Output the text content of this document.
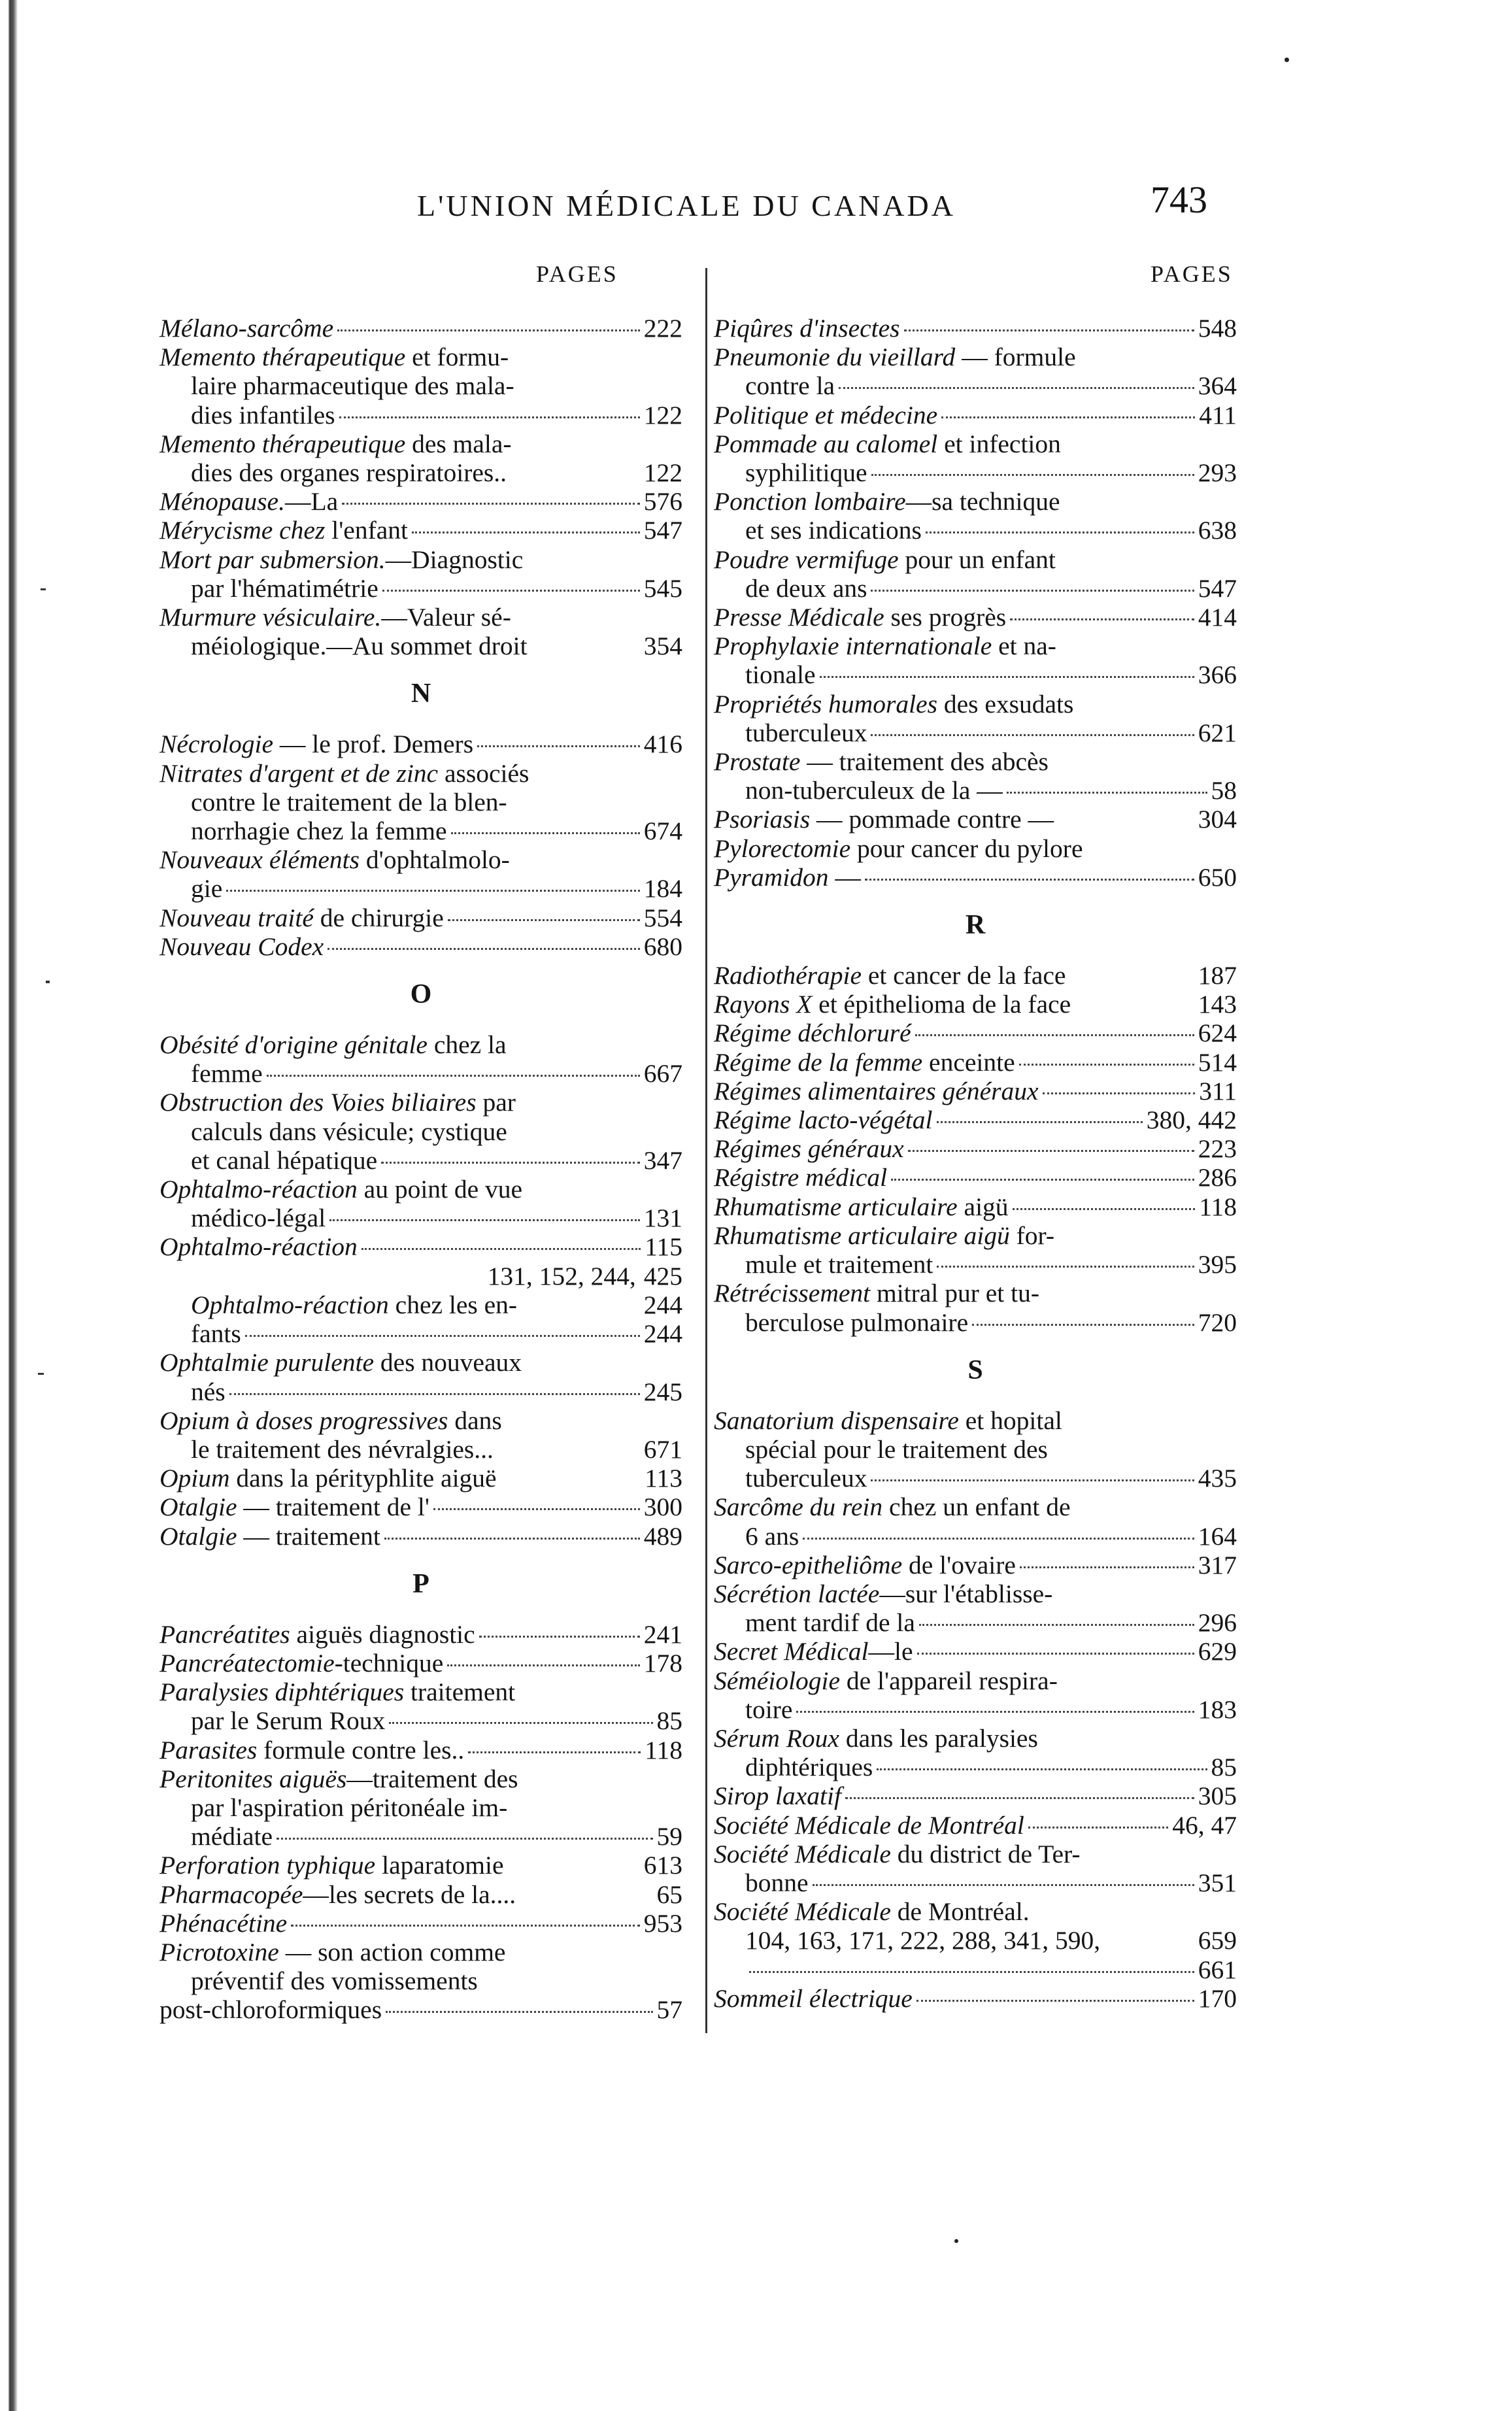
L'UNION MÉDICALE DU CANADA	743
PAGES	PAGES
Mélano-sarcôme	222
Memento thérapeutique et formu-
laire pharmaceutique des mala-
dies infantiles	122
Memento thérapeutique des mala-
dies des organes respiratoires..	122
Ménopause.—La	576
Mérycisme chez l'enfant	547
Mort par submersion.—Diagnostic
par l'hématimétrie	545
Murmure vésiculaire.—Valeur sé-
méiologique.—Au sommet droit	354
N
Nécrologie — le prof. Demers	416
Nitrates d'argent et de zinc associés
contre le traitement de la blen-
norrhagie chez la femme	674
Nouveaux éléments d'ophtalmolo-
gie	184
Nouveau traité de chirurgie	554
Nouveau Codex	680
O
Obésité d'origine génitale chez la
femme	667
Obstruction des Voies biliaires par
calculs dans vésicule; cystique
et canal hépatique	347
Ophtalmo-réaction au point de vue
médico-légal	131
Ophtalmo-réaction	115
131, 152, 244, 425
Ophtalmo-réaction chez les en-	244
fants	244
Ophtalmie purulente des nouveaux
nés	245
Opium à doses progressives dans
le traitement des névralgies...	671
Opium dans la pérityphlite aiguë	113
Otalgie — traitement de l'	300
Otalgie — traitement	489
P
Pancréatites aiguës diagnostic	241
Pancréatectomie-technique	178
Paralysies diphtériques traitement
par le Serum Roux	85
Parasites formule contre les..	118
Peritonites aiguës—traitement des
par l'aspiration péritonéale im-
médiate	59
Perforation typhique laparatomie	613
Pharmacopée—les secrets de la....	65
Phénacétine	953
Picrotoxine — son action comme
préventif des vomissements
post-chloroformiques	57
Piqûres d'insectes	548
Pneumonie du vieillard — formule
contre la	364
Politique et médecine	411
Pommade au calomel et infection
syphilitique	293
Ponction lombaire—sa technique
et ses indications	638
Poudre vermifuge pour un enfant
de deux ans	547
Presse Médicale ses progrès	414
Prophylaxie internationale et na-
tionale	366
Propriétés humorales des exsudats
tuberculeux	621
Prostate — traitement des abcès
non-tuberculeux de la —	58
Psoriasis — pommade contre —	304
Pylorectomie pour cancer du pylore
Pyramidon —	650
R
Radiothérapie et cancer de la face	187
Rayons X et épithelioma de la face	143
Régime déchloruré	624
Régime de la femme enceinte	514
Régimes alimentaires généraux	311
Régime lacto-végétal	380, 442
Régimes généraux	223
Régistre médical	286
Rhumatisme articulaire aigü	118
Rhumatisme articulaire aigü for-
mule et traitement	395
Rétrécissement mitral pur et tu-
berculose pulmonaire	720
S
Sanatorium dispensaire et hopital
spécial pour le traitement des
tuberculeux	435
Sarcôme du rein chez un enfant de
6 ans	164
Sarco-epitheliôme de l'ovaire	317
Sécrétion lactée—sur l'établisse-
ment tardif de la	296
Secret Médical—le	629
Séméiologie de l'appareil respira-
toire	183
Sérum Roux dans les paralysies
diphtériques	85
Sirop laxatif	305
Société Médicale de Montréal	46, 47
Société Médicale du district de Ter-
bonne	351
Société Médicale de Montréal.
104, 163, 171, 222, 288, 341, 590,	659
661
Sommeil électrique	170
